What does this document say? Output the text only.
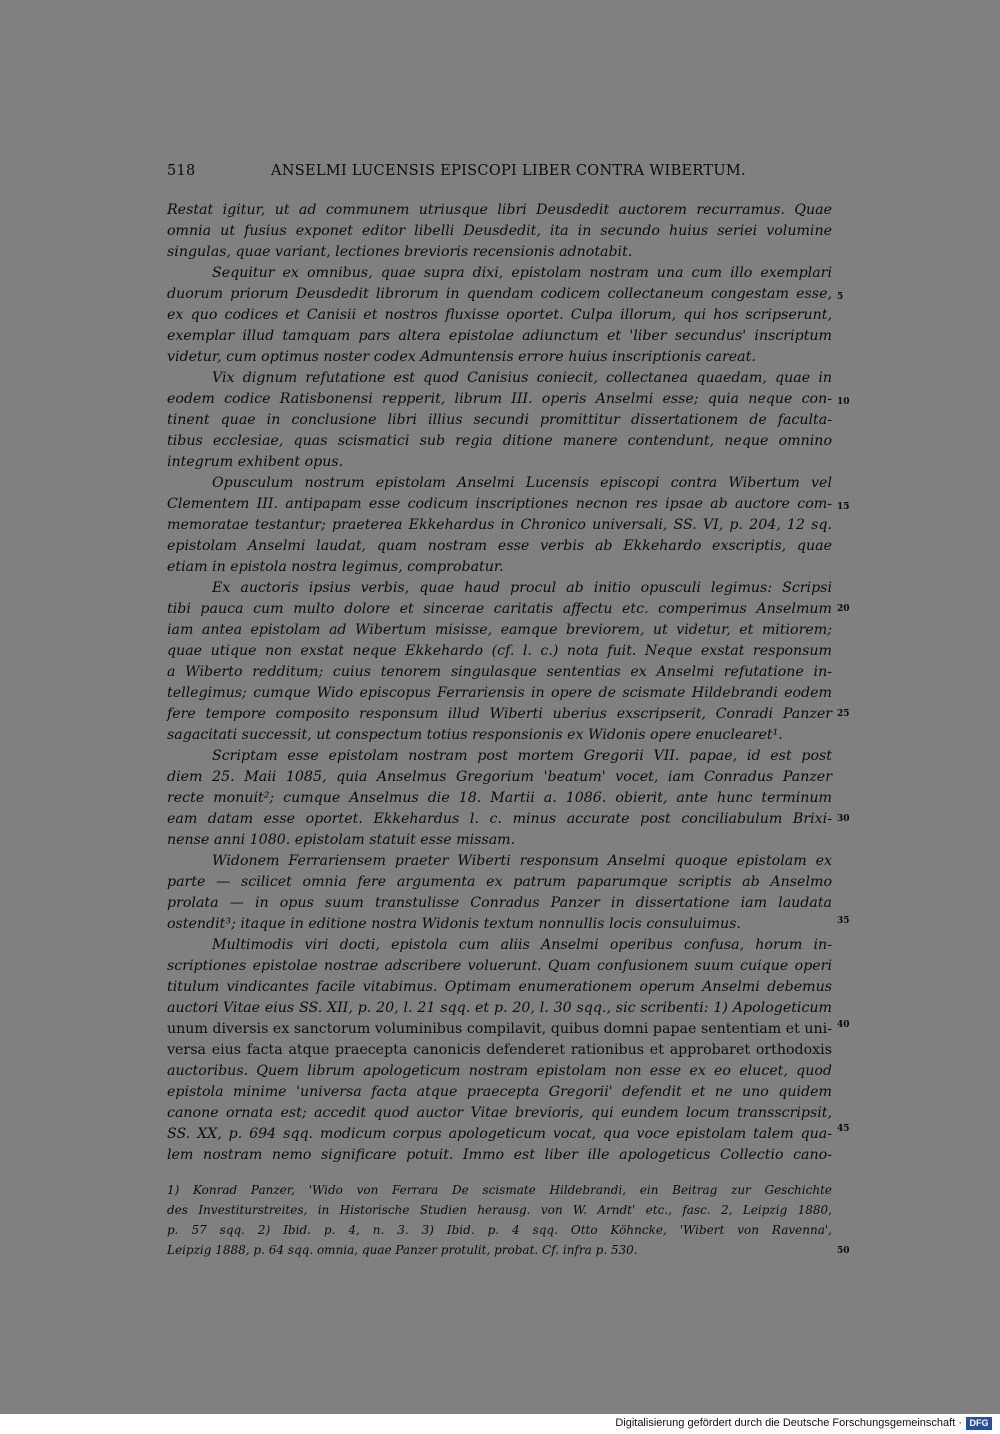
518	ANSELMI LUCENSIS EPISCOPI LIBER CONTRA WIBERTUM.
Restat igitur, ut ad communem utriusque libri Deusdedit auctorem recurramus. Quae
omnia ut fusius exponet editor libelli Deusdedit, ita in secundo huius seriei volumine
singulas, quae variant, lectiones brevioris recensionis adnotabit.
Sequitur ex omnibus, quae supra dixi, epistolam nostram una cum illo exemplari
duorum priorum Deusdedit librorum in quendam codicem collectaneum congestam esse,
ex quo codices et Canisii et nostros fluxisse oportet. Culpa illorum, qui hos scripserunt,
exemplar illud tamquam pars altera epistolae adiunctum et 'liber secundus' inscriptum
videtur, cum optimus noster codex Admuntensis errore huius inscriptionis careat.
Vix dignum refutatione est quod Canisius coniecit, collectanea quaedam, quae in
eodem codice Ratisbonensi repperit, librum III. operis Anselmi esse; quia neque con-
tinent quae in conclusione libri illius secundi promittitur dissertationem de faculta-
tibus ecclesiae, quas scismatici sub regia ditione manere contendunt, neque omnino
integrum exhibent opus.
Opusculum nostrum epistolam Anselmi Lucensis episcopi contra Wibertum vel
Clementem III. antipapam esse codicum inscriptiones necnon res ipsae ab auctore com-
memoratae testantur; praeterea Ekkehardus in Chronico universali, SS. VI, p. 204, 12 sq.
epistolam Anselmi laudat, quam nostram esse verbis ab Ekkehardo exscriptis, quae
etiam in epistola nostra legimus, comprobatur.
Ex auctoris ipsius verbis, quae haud procul ab initio opusculi legimus: Scripsi
tibi pauca cum multo dolore et sincerae caritatis affectu etc. comperimus Anselmum
iam antea epistolam ad Wibertum misisse, eamque breviorem, ut videtur, et mitiorem;
quae utique non exstat neque Ekkehardo (cf. l. c.) nota fuit. Neque exstat responsum
a Wiberto redditum; cuius tenorem singulasque sententias ex Anselmi refutatione in-
tellegimus; cumque Wido episcopus Ferrariensis in opere de scismate Hildebrandi eodem
fere tempore composito responsum illud Wiberti uberius exscripserit, Conradi Panzer
sagacitati successit, ut conspectum totius responsionis ex Widonis opere enuclearet¹.
Scriptam esse epistolam nostram post mortem Gregorii VII. papae, id est post
diem 25. Maii 1085, quia Anselmus Gregorium 'beatum' vocet, iam Conradus Panzer
recte monuit²; cumque Anselmus die 18. Martii a. 1086. obierit, ante hunc terminum
eam datam esse oportet. Ekkehardus l. c. minus accurate post conciliabulum Brixi-
nense anni 1080. epistolam statuit esse missam.
Widonem Ferrariensem praeter Wiberti responsum Anselmi quoque epistolam ex
parte — scilicet omnia fere argumenta ex patrum paparumque scriptis ab Anselmo
prolata — in opus suum transtulisse Conradus Panzer in dissertatione iam laudata
ostendit³; itaque in editione nostra Widonis textum nonnullis locis consuluimus.
Multimodis viri docti, epistola cum aliis Anselmi operibus confusa, horum in-
scriptiones epistolae nostrae adscribere voluerunt. Quam confusionem suum cuique operi
titulum vindicantes facile vitabimus. Optimam enumerationem operum Anselmi debemus
auctori Vitae eius SS. XII, p. 20, l. 21 sqq. et p. 20, l. 30 sqq., sic scribenti: 1) Apologeticum
unum diversis ex sanctorum voluminibus compilavit, quibus domni papae sententiam et uni-
versa eius facta atque praecepta canonicis defenderet rationibus et approbaret orthodoxis
auctoribus. Quem librum apologeticum nostram epistolam non esse ex eo elucet, quod
epistola minime 'universa facta atque praecepta Gregorii' defendit et ne uno quidem
canone ornata est; accedit quod auctor Vitae brevioris, qui eundem locum transscripsit,
SS. XX, p. 694 sqq. modicum corpus apologeticum vocat, qua voce epistolam talem qua-
lem nostram nemo significare potuit. Immo est liber ille apologeticus Collectio cano-
5
10
15
20
25
30
35
40
45
50
1) Konrad Panzer, 'Wido von Ferrara De scismate Hildebrandi, ein Beitrag zur Geschichte
des Investiturstreites, in Historische Studien herausg. von W. Arndt' etc., fasc. 2, Leipzig 1880,
p. 57 sqq. 2) Ibid. p. 4, n. 3. 3) Ibid. p. 4 sqq. Otto Köhncke, 'Wibert von Ravenna',
Leipzig 1888, p. 64 sqq. omnia, quae Panzer protulit, probat. Cf. infra p. 530.
Digitalisierung gefördert durch die Deutsche Forschungsgemeinschaft · DFG
